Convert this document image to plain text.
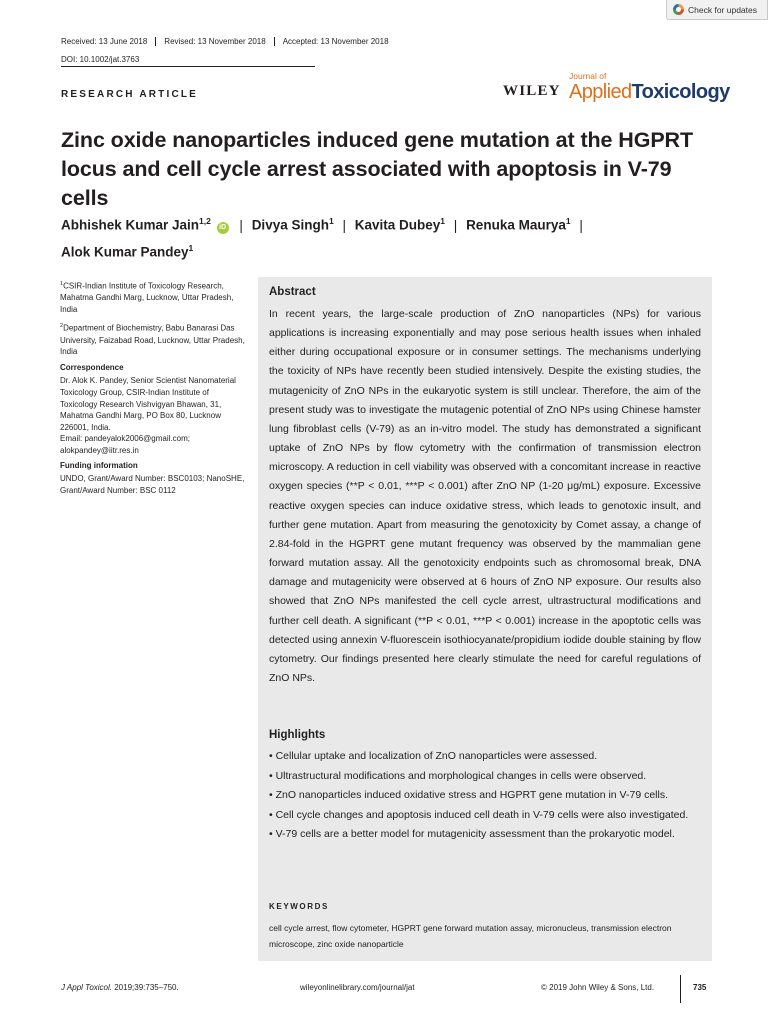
Check for updates
Received: 13 June 2018	Revised: 13 November 2018	Accepted: 13 November 2018
DOI: 10.1002/jat.3763
RESEARCH ARTICLE	WILEY
Journal of
AppliedToxicology
Zinc oxide nanoparticles induced gene mutation at the HGPRT locus and cell cycle arrest associated with apoptosis in V-79 cells
Abhishek Kumar Jain$^{1,2}$ iD | Divya Singh$^1$ | Kavita Dubey$^1$ | Renuka Maurya$^1$ |
Alok Kumar Pandey$^1$

$^1$CSIR-Indian Institute of Toxicology Research, Mahatma Gandhi Marg, Lucknow, Uttar Pradesh, India

$^2$Department of Biochemistry, Babu Banarasi Das University, Faizabad Road, Lucknow, Uttar Pradesh, India

Correspondence

Dr. Alok K. Pandey, Senior Scientist Nanomaterial Toxicology Group, CSIR-Indian Institute of Toxicology Research Vishvigyan Bhawan, 31, Mahatma Gandhi Marg, PO Box 80, Lucknow 226001, India.

Email: pandeyalok2006@gmail.com; alokpandey@iitr.res.in

Funding information

UNDO, Grant/Award Number: BSC0103; NanoSHE, Grant/Award Number: BSC 0112

Abstract
In recent years, the large-scale production of ZnO nanoparticles (NPs) for various applications is increasing exponentially and may pose serious health issues when inhaled either during occupational exposure or in consumer settings. The mechanisms underlying the toxicity of NPs have recently been studied intensively. Despite the existing studies, the mutagenicity of ZnO NPs in the eukaryotic system is still unclear. Therefore, the aim of the present study was to investigate the mutagenic potential of ZnO NPs using Chinese hamster lung fibroblast cells (V-79) as an in-vitro model. The study has demonstrated a significant uptake of ZnO NPs by flow cytometry with the confirmation of transmission electron microscopy. A reduction in cell viability was observed with a concomitant increase in reactive oxygen species (**P < 0.01, ***P < 0.001) after ZnO NP (1-20 μg/mL) exposure. Excessive reactive oxygen species can induce oxidative stress, which leads to genotoxic insult, and further gene mutation. Apart from measuring the genotoxicity by Comet assay, a change of 2.84-fold in the HGPRT gene mutant frequency was observed by the mammalian gene forward mutation assay. All the genotoxicity endpoints such as chromosomal break, DNA damage and mutagenicity were observed at 6 hours of ZnO NP exposure. Our results also showed that ZnO NPs manifested the cell cycle arrest, ultrastructural modifications and further cell death. A significant (**P < 0.01, ***P < 0.001) increase in the apoptotic cells was detected using annexin V-fluorescein isothiocyanate/propidium iodide double staining by flow cytometry. Our findings presented here clearly stimulate the need for careful regulations of ZnO NPs.
Highlights
• Cellular uptake and localization of ZnO nanoparticles were assessed.
• Ultrastructural modifications and morphological changes in cells were observed.
• ZnO nanoparticles induced oxidative stress and HGPRT gene mutation in V-79 cells.
• Cell cycle changes and apoptosis induced cell death in V-79 cells were also investigated.
• V-79 cells are a better model for mutagenicity assessment than the prokaryotic model.
KEYWORDS
cell cycle arrest, flow cytometer, HGPRT gene forward mutation assay, micronucleus, transmission electron microscope, zinc oxide nanoparticle
J Appl Toxicol. 2019;39:735–750.	wileyonlinelibrary.com/journal/jat	© 2019 John Wiley & Sons, Ltd.	735
